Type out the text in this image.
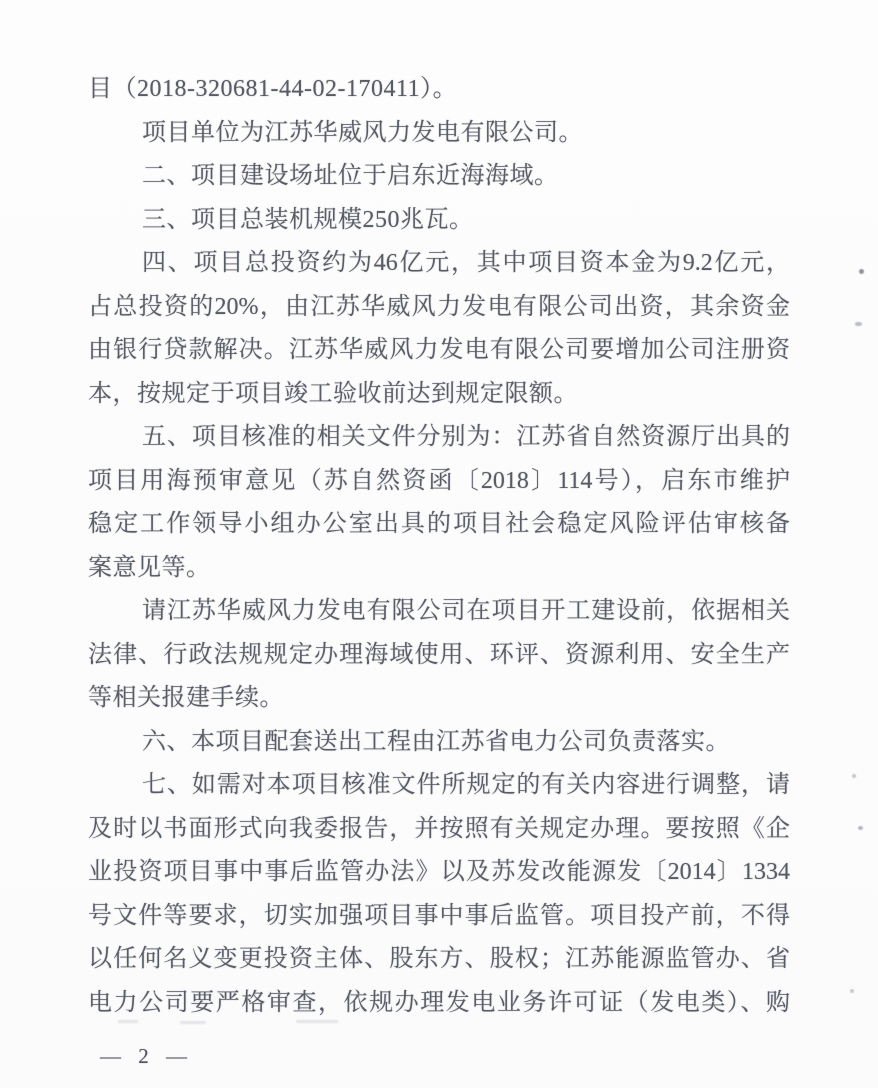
目（2018-320681-44-02-170411）。
项目单位为江苏华威风力发电有限公司。
二、项目建设场址位于启东近海海域。
三、项目总装机规模250兆瓦。
四、项目总投资约为46亿元，其中项目资本金为9.2亿元，
占总投资的20%，由江苏华威风力发电有限公司出资，其余资金
由银行贷款解决。江苏华威风力发电有限公司要增加公司注册资
本，按规定于项目竣工验收前达到规定限额。
五、项目核准的相关文件分别为：江苏省自然资源厅出具的
项目用海预审意见（苏自然资函〔2018〕114号），启东市维护
稳定工作领导小组办公室出具的项目社会稳定风险评估审核备
案意见等。
请江苏华威风力发电有限公司在项目开工建设前，依据相关
法律、行政法规规定办理海域使用、环评、资源利用、安全生产
等相关报建手续。
六、本项目配套送出工程由江苏省电力公司负责落实。
七、如需对本项目核准文件所规定的有关内容进行调整，请
及时以书面形式向我委报告，并按照有关规定办理。要按照《企
业投资项目事中事后监管办法》以及苏发改能源发〔2014〕1334
号文件等要求，切实加强项目事中事后监管。项目投产前，不得
以任何名义变更投资主体、股东方、股权；江苏能源监管办、省
电力公司要严格审查，依规办理发电业务许可证（发电类）、购
— 2 —
